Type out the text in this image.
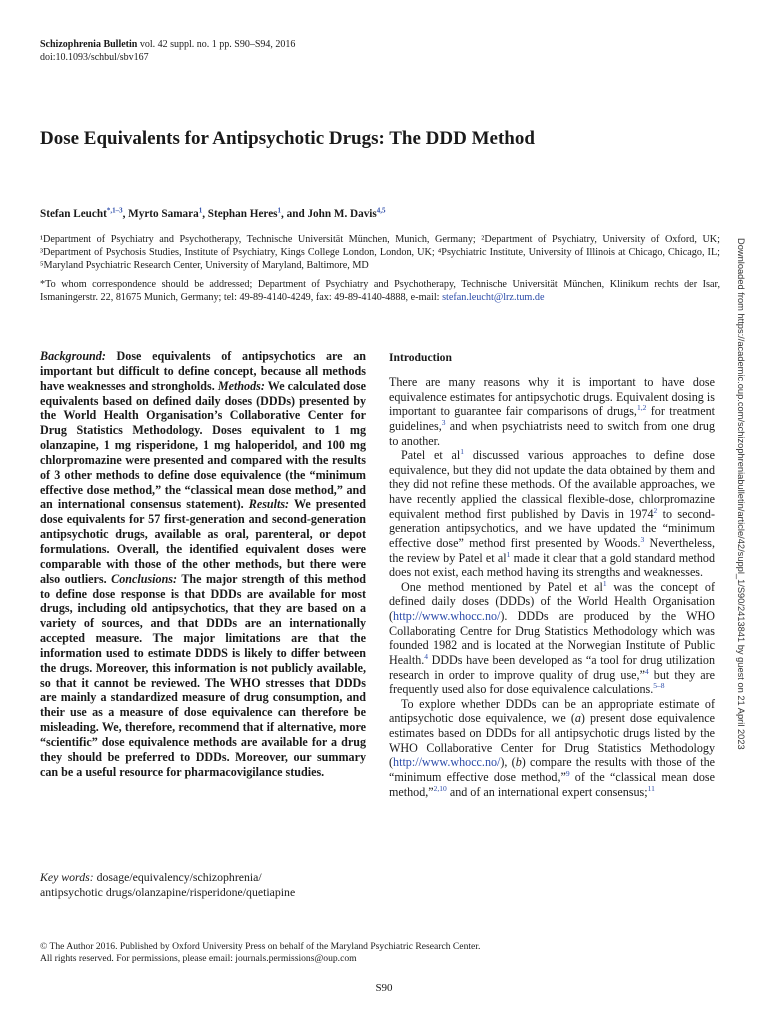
Schizophrenia Bulletin vol. 42 suppl. no. 1 pp. S90–S94, 2016
doi:10.1093/schbul/sbv167
Dose Equivalents for Antipsychotic Drugs: The DDD Method
Stefan Leucht$^{*,1-3}$, Myrto Samara$^1$, Stephan Heres$^1$, and John M. Davis$^{4,5}$
¹Department of Psychiatry and Psychotherapy, Technische Universität München, Munich, Germany; ²Department of Psychiatry, University of Oxford, UK; ³Department of Psychosis Studies, Institute of Psychiatry, Kings College London, London, UK; ⁴Psychiatric Institute, University of Illinois at Chicago, Chicago, IL; ⁵Maryland Psychiatric Research Center, University of Maryland, Baltimore, MD
*To whom correspondence should be addressed; Department of Psychiatry and Psychotherapy, Technische Universität München, Klinikum rechts der Isar, Ismaningerstr. 22, 81675 Munich, Germany; tel: 49-89-4140-4249, fax: 49-89-4140-4888, e-mail: stefan.leucht@lrz.tum.de	Downloaded from https://academic.oup.com/schizophreniabulletin/article/42/suppl_1/S90/2413841 by guest on 21 April 2023
Background: Dose equivalents of antipsychotics are an important but difficult to define concept, because all methods have weaknesses and strongholds. Methods: We calculated dose equivalents based on defined daily doses (DDDs) presented by the World Health Organisation’s Collaborative Center for Drug Statistics Methodology. Doses equivalent to 1 mg olanzapine, 1 mg risperidone, 1 mg haloperidol, and 100 mg chlorpromazine were presented and compared with the results of 3 other methods to define dose equivalence (the “minimum effective dose method,” the “classical mean dose method,” and an international consensus statement). Results: We presented dose equivalents for 57 first-generation and second-generation antipsychotic drugs, available as oral, parenteral, or depot formulations. Overall, the identified equivalent doses were comparable with those of the other methods, but there were also outliers. Conclusions: The major strength of this method to define dose response is that DDDs are available for most drugs, including old antipsychotics, that they are based on a variety of sources, and that DDDs are an internationally accepted measure. The major limitations are that the information used to estimate DDDS is likely to differ between the drugs. Moreover, this information is not publicly available, so that it cannot be reviewed. The WHO stresses that DDDs are mainly a standardized measure of drug consumption, and their use as a measure of dose equivalence can therefore be misleading. We, therefore, recommend that if alternative, more “scientific” dose equivalence methods are available for a drug they should be preferred to DDDs. Moreover, our summary can be a useful resource for pharmacovigilance studies.
Key words: dosage/equivalency/schizophrenia/
antipsychotic drugs/olanzapine/risperidone/quetiapine
Introduction

There are many reasons why it is important to have dose equivalence estimates for antipsychotic drugs. Equivalent dosing is important to guarantee fair comparisons of drugs,$^{1,2}$ for treatment guidelines,$^3$ and when psychiatrists need to switch from one drug to another.

Patel et $al^1$ discussed various approaches to define dose equivalence, but they did not update the data obtained by them and they did not refine these methods. Of the available approaches, we have recently applied the classical flexible-dose, chlorpromazine equivalent method first published by Davis in 1974$^2$ to second-generation antipsychotics, and we have updated the “minimum effective dose” method first presented by Woods.$^3$ Nevertheless, the review by Patel et $al^1$ made it clear that a gold standard method does not exist, each method having its strengths and weaknesses.

One method mentioned by Patel et $al^1$ was the concept of defined daily doses (DDDs) of the World Health Organisation (http://www.whocc.no/). DDDs are produced by the WHO Collaborating Centre for Drug Statistics Methodology which was founded 1982 and is located at the Norwegian Institute of Public Health.$^4$ DDDs have been developed as “a tool for drug utilization research in order to improve quality of drug use,”$^4$ but they are frequently used also for dose equivalence calculations.$^{5-8}$

To explore whether DDDs can be an appropriate estimate of antipsychotic dose equivalence, we (a) present dose equivalence estimates based on DDDs for all antipsychotic drugs listed by the WHO Collaborative Center for Drug Statistics Methodology (http://www.whocc.no/), (b) compare the results with those of the “minimum effective dose method,”$^9$ of the “classical mean dose method,”$^{2,10}$ and of an international expert consensus;$^{11}$

© The Author 2016. Published by Oxford University Press on behalf of the Maryland Psychiatric Research Center.
All rights reserved. For permissions, please email: journals.permissions@oup.com
S90
